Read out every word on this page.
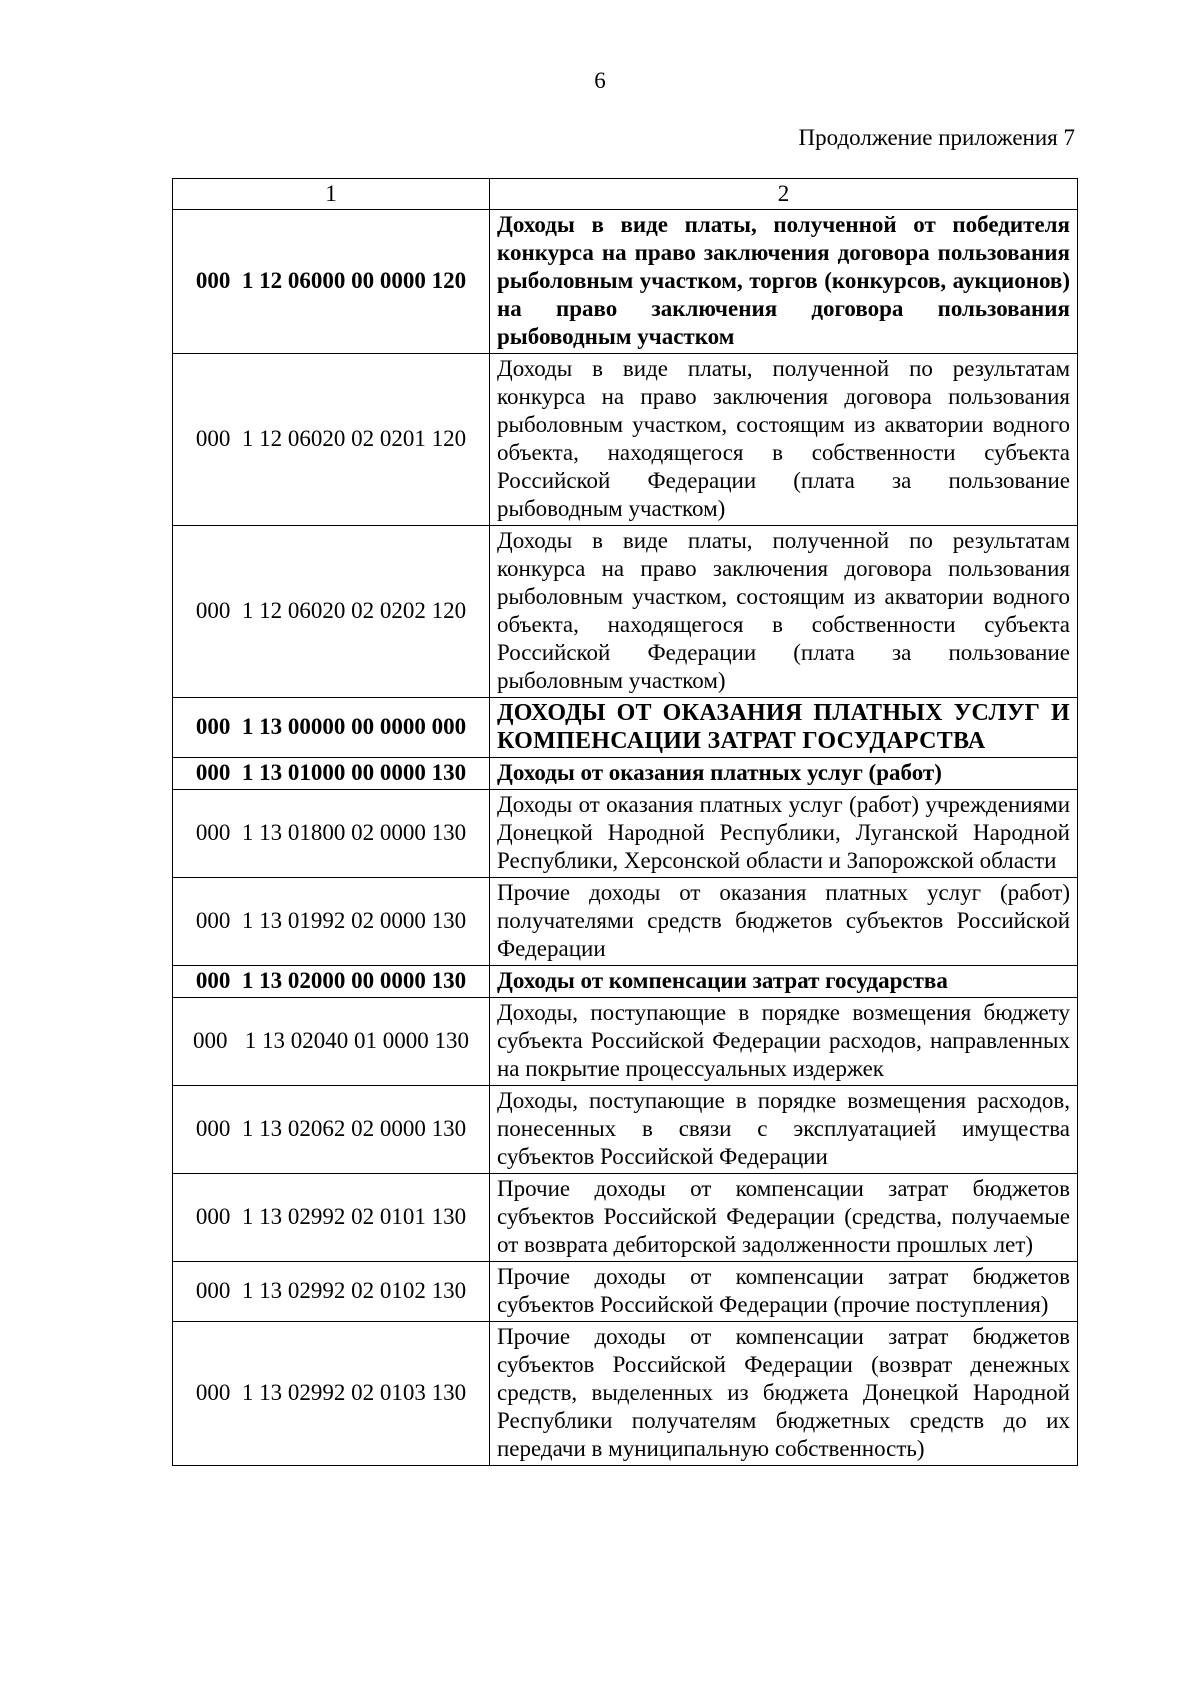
6
Продолжение приложения 7
1	2
000  1 12 06000 00 0000 120	Доходы в виде платы, полученной от победителя конкурса на право заключения договора пользования рыболовным участком, торгов (конкурсов, аукционов) на право заключения договора пользования рыбоводным участком
000  1 12 06020 02 0201 120	Доходы в виде платы, полученной по результатам конкурса на право заключения договора пользования рыболовным участком, состоящим из акватории водного объекта, находящегося в собственности субъекта Российской Федерации (плата за пользование рыбоводным участком)
000  1 12 06020 02 0202 120	Доходы в виде платы, полученной по результатам конкурса на право заключения договора пользования рыболовным участком, состоящим из акватории водного объекта, находящегося в собственности субъекта Российской Федерации (плата за пользование рыболовным участком)
000  1 13 00000 00 0000 000	ДОХОДЫ ОТ ОКАЗАНИЯ ПЛАТНЫХ УСЛУГ И КОМПЕНСАЦИИ ЗАТРАТ ГОСУДАРСТВА
000  1 13 01000 00 0000 130	Доходы от оказания платных услуг (работ)
000  1 13 01800 02 0000 130	Доходы от оказания платных услуг (работ) учреждениями Донецкой Народной Республики, Луганской Народной Республики, Херсонской области и Запорожской области
000  1 13 01992 02 0000 130	Прочие доходы от оказания платных услуг (работ) получателями средств бюджетов субъектов Российской Федерации
000  1 13 02000 00 0000 130	Доходы от компенсации затрат государства
000   1 13 02040 01 0000 130	Доходы, поступающие в порядке возмещения бюджету субъекта Российской Федерации расходов, направленных на покрытие процессуальных издержек
000  1 13 02062 02 0000 130	Доходы, поступающие в порядке возмещения расходов, понесенных в связи с эксплуатацией имущества субъектов Российской Федерации
000  1 13 02992 02 0101 130	Прочие доходы от компенсации затрат бюджетов субъектов Российской Федерации (средства, получаемые от возврата дебиторской задолженности прошлых лет)
000  1 13 02992 02 0102 130	Прочие доходы от компенсации затрат бюджетов субъектов Российской Федерации (прочие поступления)
000  1 13 02992 02 0103 130	Прочие доходы от компенсации затрат бюджетов субъектов Российской Федерации (возврат денежных средств, выделенных из бюджета Донецкой Народной Республики получателям бюджетных средств до их передачи в муниципальную собственность)
